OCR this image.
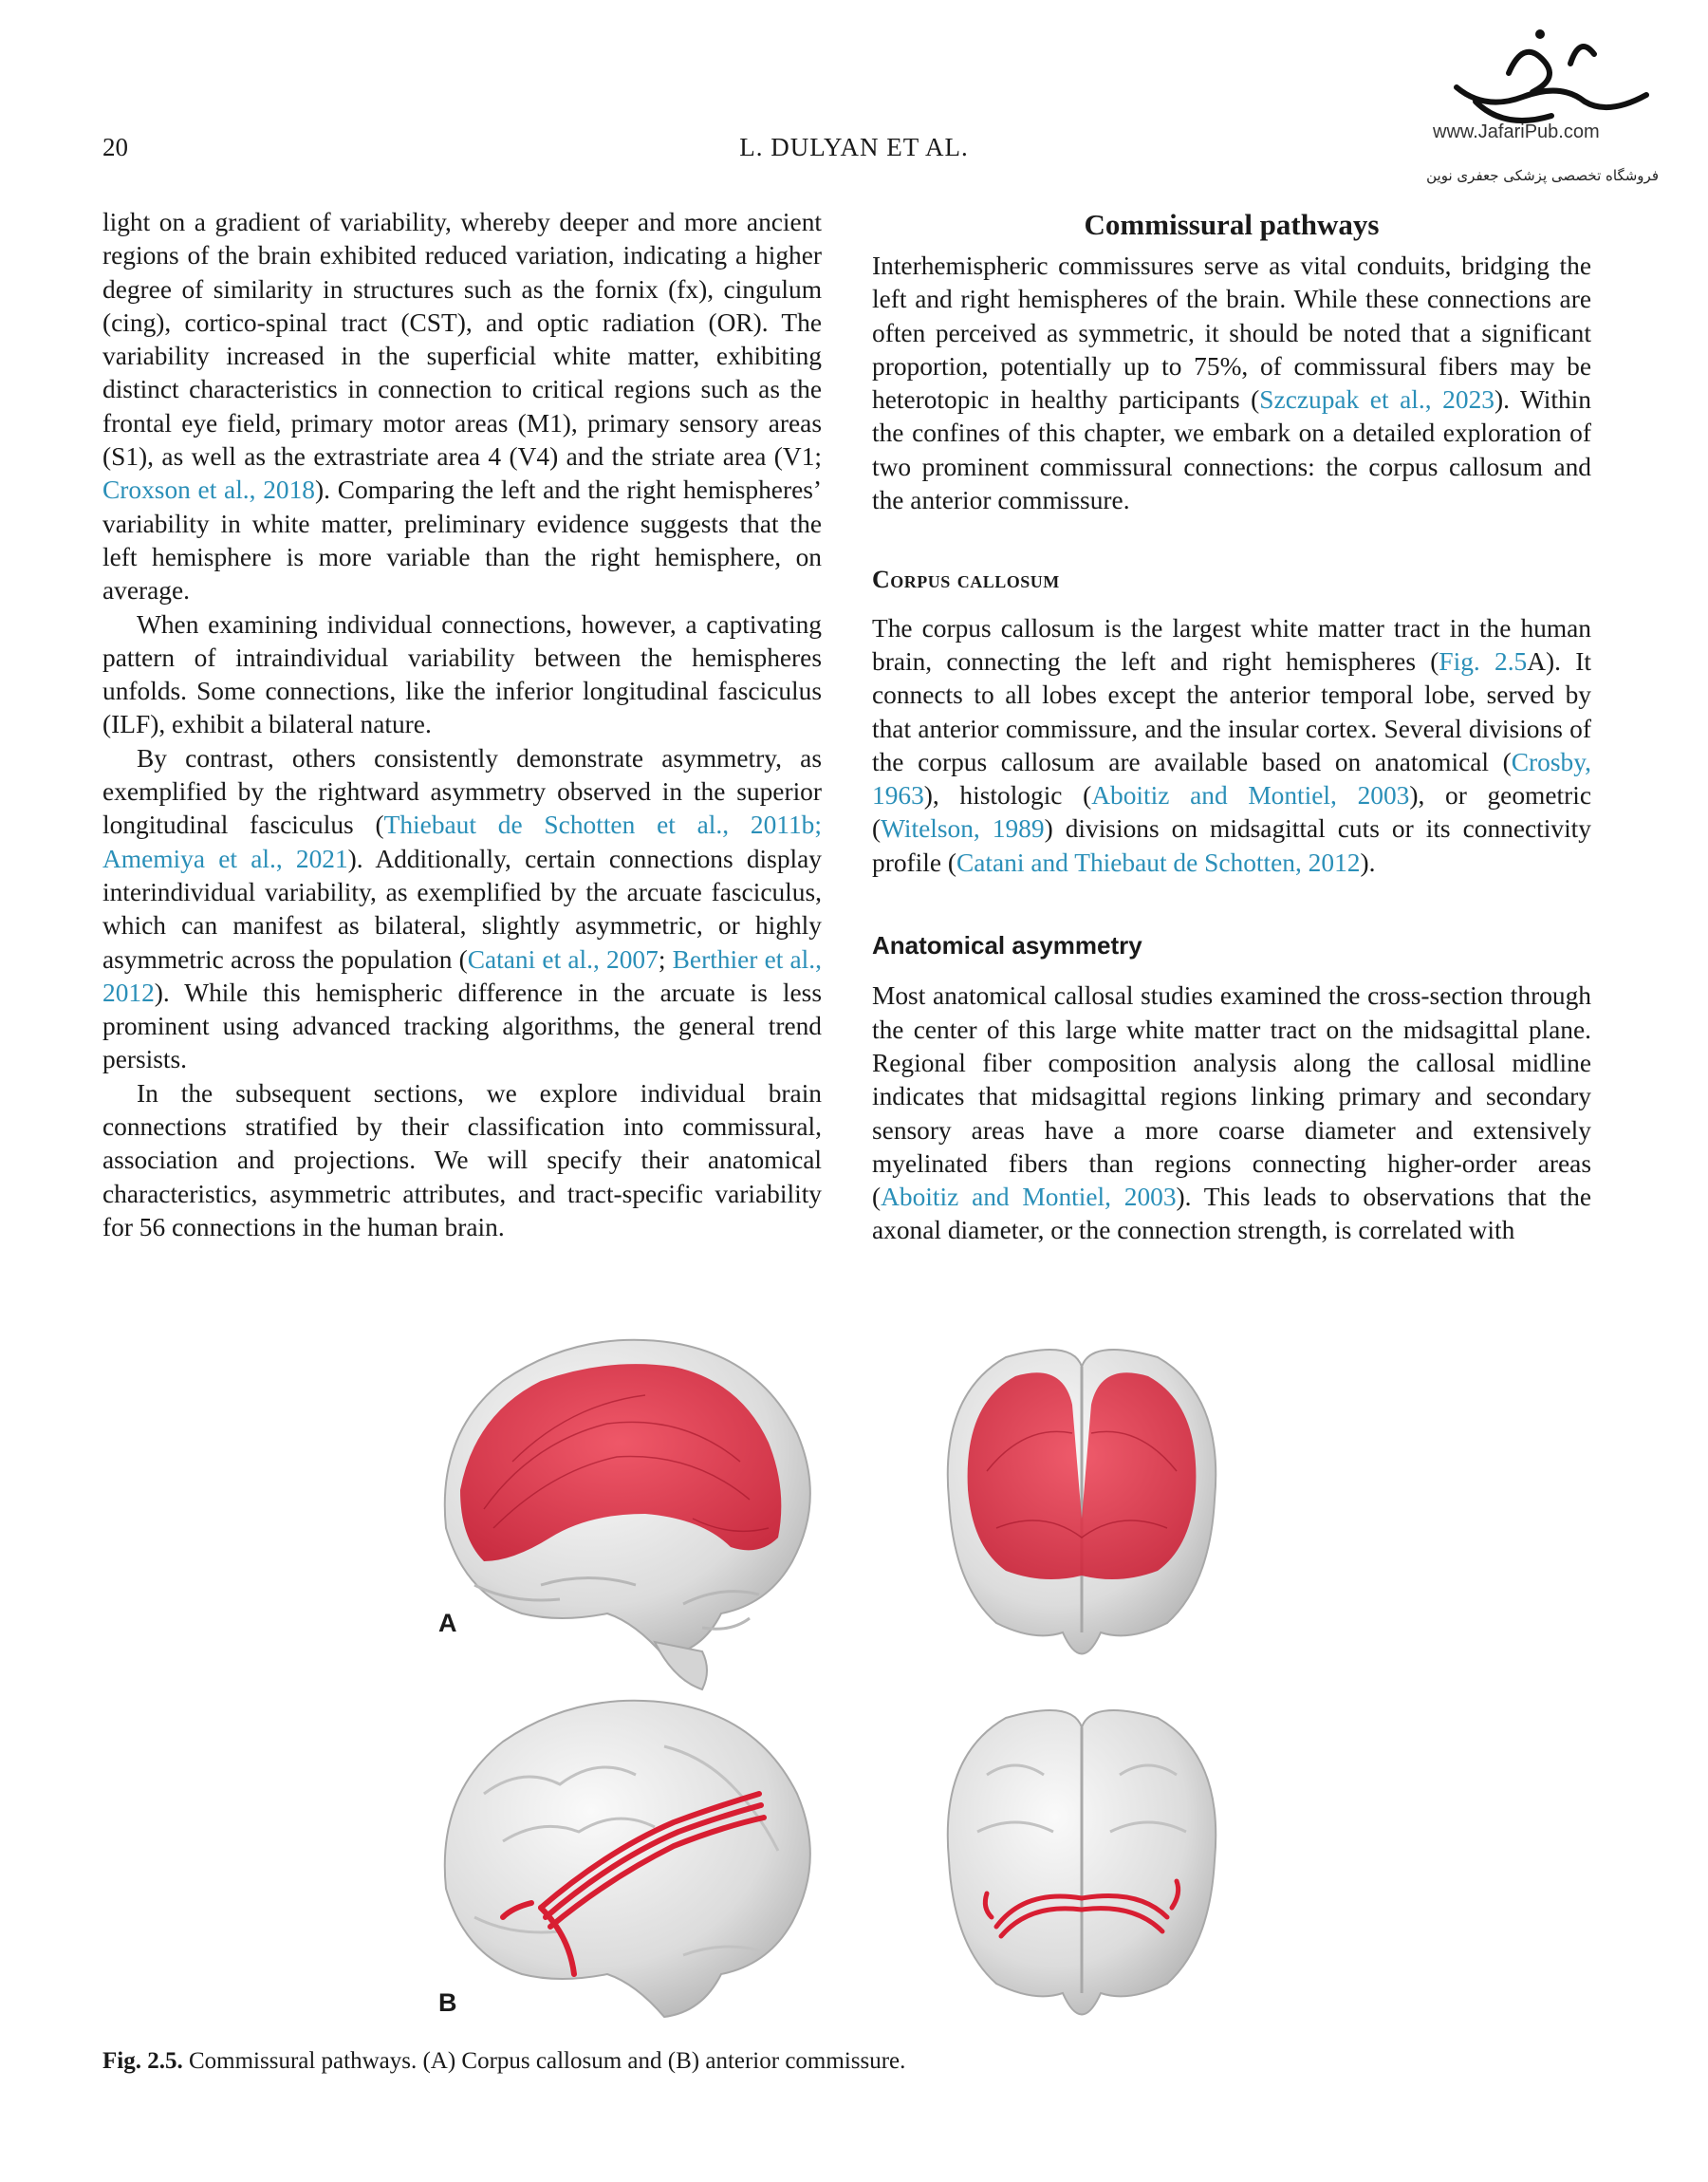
20	L. DULYAN ET AL.
www.JafariPub.com
فروشگاه تخصصی پزشکی جعفری نوین

light on a gradient of variability, whereby deeper and more ancient regions of the brain exhibited reduced variation, indicating a higher degree of similarity in structures such as the fornix (fx), cingulum (cing), cortico-spinal tract (CST), and optic radiation (OR). The variability increased in the superficial white matter, exhibiting distinct characteristics in connection to critical regions such as the frontal eye field, primary motor areas (M1), primary sensory areas (S1), as well as the extrastriate area 4 (V4) and the striate area (V1; Croxson et al., 2018). Comparing the left and the right hemispheres’ variability in white matter, preliminary evidence suggests that the left hemisphere is more variable than the right hemisphere, on average.

When examining individual connections, however, a captivating pattern of intraindividual variability between the hemispheres unfolds. Some connections, like the inferior longitudinal fasciculus (ILF), exhibit a bilateral nature.

By contrast, others consistently demonstrate asymmetry, as exemplified by the rightward asymmetry observed in the superior longitudinal fasciculus (Thiebaut de Schotten et al., 2011b; Amemiya et al., 2021). Additionally, certain connections display interindividual variability, as exemplified by the arcuate fasciculus, which can manifest as bilateral, slightly asymmetric, or highly asymmetric across the population (Catani et al., 2007; Berthier et al., 2012). While this hemispheric difference in the arcuate is less prominent using advanced tracking algorithms, the general trend persists.

In the subsequent sections, we explore individual brain connections stratified by their classification into commissural, association and projections. We will specify their anatomical characteristics, asymmetric attributes, and tract-specific variability for 56 connections in the human brain.

Commissural pathways

Interhemispheric commissures serve as vital conduits, bridging the left and right hemispheres of the brain. While these connections are often perceived as symmetric, it should be noted that a significant proportion, potentially up to 75%, of commissural fibers may be heterotopic in healthy participants (Szczupak et al., 2023). Within the confines of this chapter, we embark on a detailed exploration of two prominent commissural connections: the corpus callosum and the anterior commissure.

Corpus callosum

The corpus callosum is the largest white matter tract in the human brain, connecting the left and right hemispheres (Fig. 2.5A). It connects to all lobes except the anterior temporal lobe, served by that anterior commissure, and the insular cortex. Several divisions of the corpus callosum are available based on anatomical (Crosby, 1963), histologic (Aboitiz and Montiel, 2003), or geometric (Witelson, 1989) divisions on midsagittal cuts or its connectivity profile (Catani and Thiebaut de Schotten, 2012).

Anatomical asymmetry

Most anatomical callosal studies examined the cross-section through the center of this large white matter tract on the midsagittal plane. Regional fiber composition analysis along the callosal midline indicates that midsagittal regions linking primary and secondary sensory areas have a more coarse diameter and extensively myelinated fibers than regions connecting higher-order areas (Aboitiz and Montiel, 2003). This leads to observations that the axonal diameter, or the connection strength, is correlated with

A
B
Fig. 2.5. Commissural pathways. (A) Corpus callosum and (B) anterior commissure.
